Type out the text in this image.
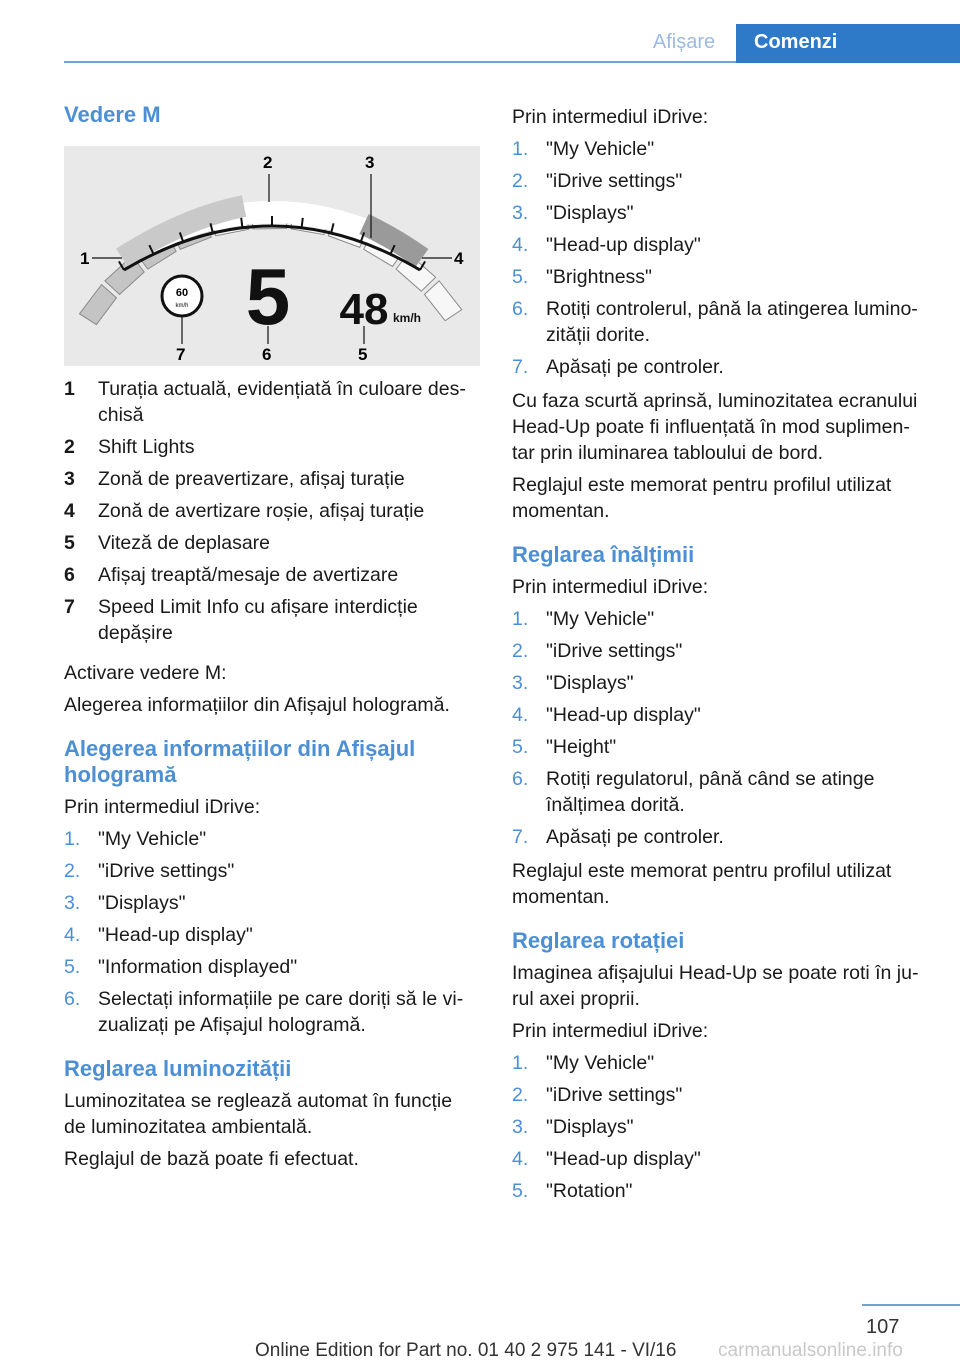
Afișare	Comenzi
Vedere M
60
km/h 5 48 km/h
1
2	3
4
5
6
7
1	Turația actuală, evidențiată în culoare deschisă
2	Shift Lights
3	Zonă de preavertizare, afișaj turație
4	Zonă de avertizare roșie, afișaj turație
5	Viteză de deplasare
6	Afișaj treaptă/mesaje de avertizare
7	Speed Limit Info cu afișare interdicție depășire

Activare vedere M:

Alegerea informațiilor din Afișajul hologramă.

Alegerea informațiilor din Afișajul hologramă

Prin intermediul iDrive:

1. "My Vehicle"
2. "iDrive settings"
3. "Displays"
4. "Head-up display"
5. "Information displayed"
6. Selectați informațiile pe care doriți să le vizualizați pe Afișajul hologramă.
Reglarea luminozității

Luminozitatea se reglează automat în funcție de luminozitatea ambientală.

Reglajul de bază poate fi efectuat.

Prin intermediul iDrive:

1. "My Vehicle"
2. "iDrive settings"
3. "Displays"
4. "Head-up display"
5. "Brightness"
6. Rotiți controlerul, până la atingerea luminozității dorite.
7. Apăsați pe controler.

Cu faza scurtă aprinsă, luminozitatea ecranului Head-Up poate fi influențată în mod suplimentar prin iluminarea tabloului de bord.

Reglajul este memorat pentru profilul utilizat momentan.

Reglarea înălțimii

Prin intermediul iDrive:

1. "My Vehicle"
2. "iDrive settings"
3. "Displays"
4. "Head-up display"
5. "Height"
6. Rotiți regulatorul, până când se atinge înălțimea dorită.
7. Apăsați pe controler.

Reglajul este memorat pentru profilul utilizat momentan.

Reglarea rotației

Imaginea afișajului Head-Up se poate roti în jurul axei proprii.

Prin intermediul iDrive:

1. "My Vehicle"
2. "iDrive settings"
3. "Displays"
4. "Head-up display"
5. "Rotation"
107
Online Edition for Part no. 01 40 2 975 141 - VI/16 carmanualsonline.info
